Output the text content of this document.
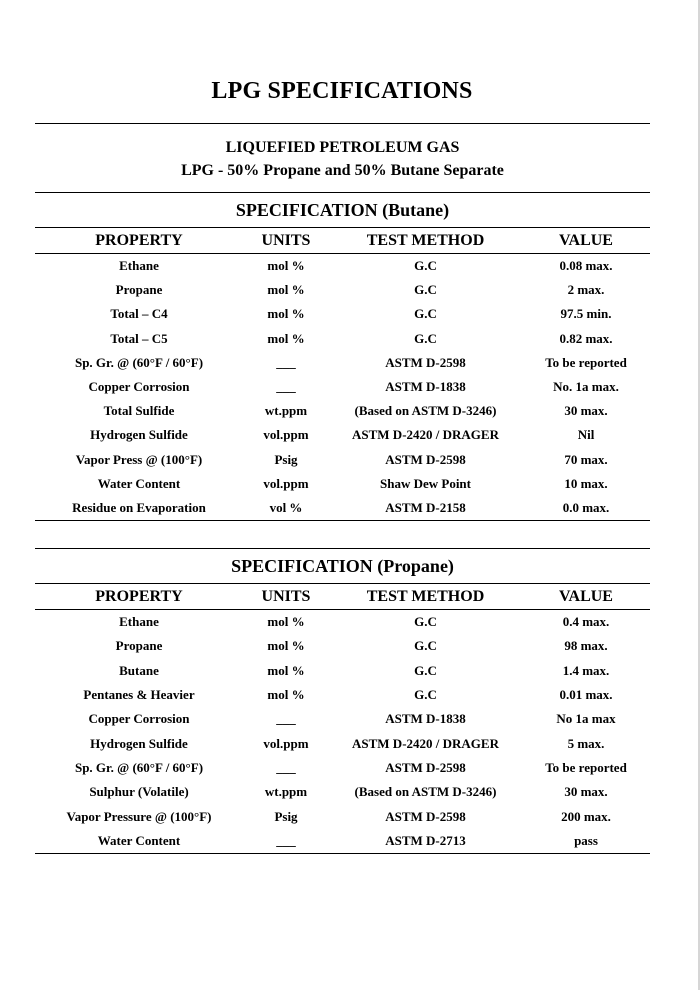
LPG SPECIFICATIONS
LIQUEFIED PETROLEUM GAS
LPG - 50% Propane and 50% Butane Separate
SPECIFICATION (Butane)
PROPERTY	UNITS	TEST METHOD	VALUE
Ethane	mol %	G.C	0.08 max.
Propane	mol %	G.C	2 max.
Total – C4	mol %	G.C	97.5 min.
Total – C5	mol %	G.C	0.82 max.
Sp. Gr. @ (60°F / 60°F)	___	ASTM D-2598	To be reported
Copper Corrosion	___	ASTM D-1838	No. 1a max.
Total Sulfide	wt.ppm	(Based on ASTM D-3246)	30 max.
Hydrogen Sulfide	vol.ppm	ASTM D-2420 / DRAGER	Nil
Vapor Press @ (100°F)	Psig	ASTM D-2598	70 max.
Water Content	vol.ppm	Shaw Dew Point	10 max.
Residue on Evaporation	vol %	ASTM D-2158	0.0 max.
SPECIFICATION (Propane)
PROPERTY	UNITS	TEST METHOD	VALUE
Ethane	mol %	G.C	0.4 max.
Propane	mol %	G.C	98 max.
Butane	mol %	G.C	1.4 max.
Pentanes & Heavier	mol %	G.C	0.01 max.
Copper Corrosion	___	ASTM D-1838	No 1a max
Hydrogen Sulfide	vol.ppm	ASTM D-2420 / DRAGER	5 max.
Sp. Gr. @ (60°F / 60°F)	___	ASTM D-2598	To be reported
Sulphur (Volatile)	wt.ppm	(Based on ASTM D-3246)	30 max.
Vapor Pressure @ (100°F)	Psig	ASTM D-2598	200 max.
Water Content	___	ASTM D-2713	pass
